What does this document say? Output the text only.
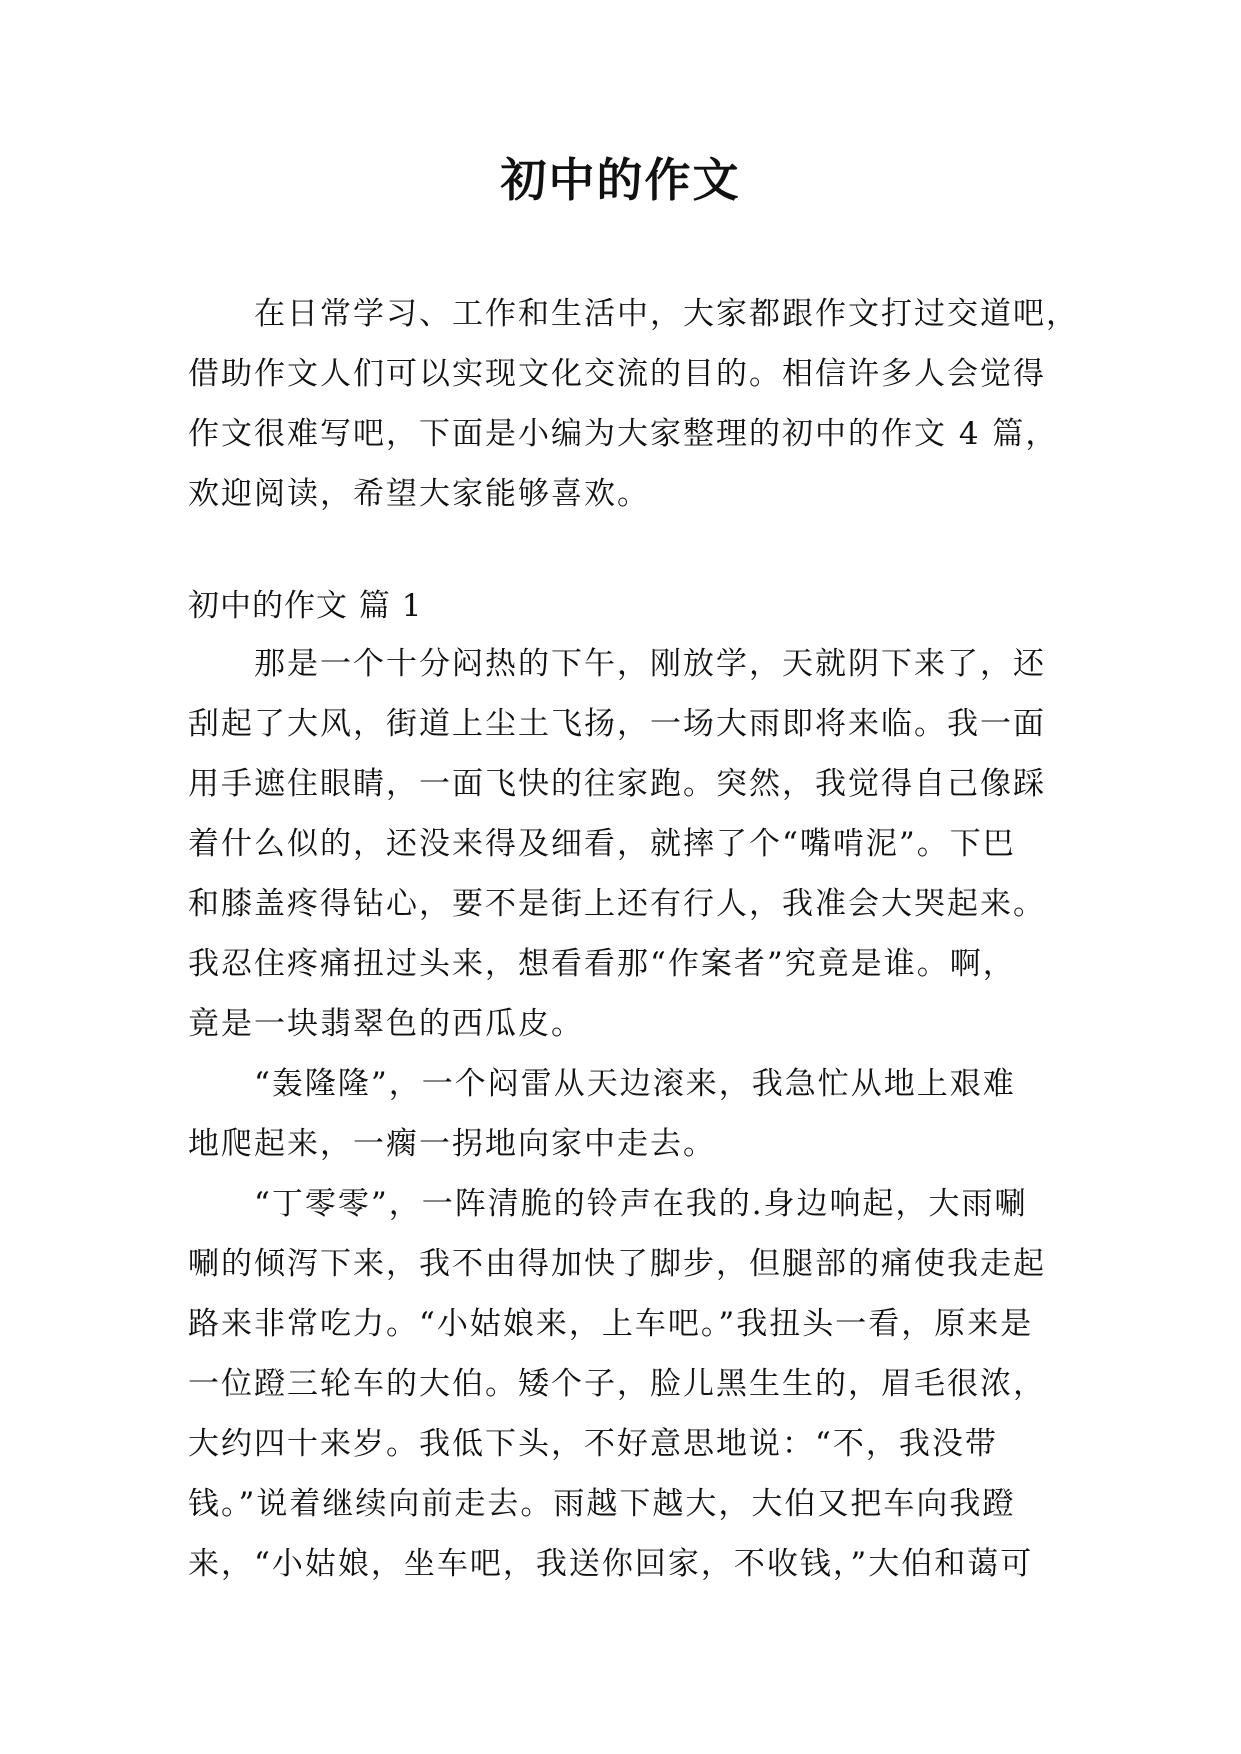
初中的作文

在日常学习、工作和生活中，大家都跟作文打过交道吧，

借助作文人们可以实现文化交流的目的。相信许多人会觉得

作文很难写吧，下面是小编为大家整理的初中的作文 4 篇，

欢迎阅读，希望大家能够喜欢。

初中的作文 篇 1

那是一个十分闷热的下午，刚放学，天就阴下来了，还

刮起了大风，街道上尘土飞扬，一场大雨即将来临。我一面

用手遮住眼睛，一面飞快的往家跑。突然，我觉得自己像踩

着什么似的，还没来得及细看，就摔了个“嘴啃泥”。下巴

和膝盖疼得钻心，要不是街上还有行人，我准会大哭起来。

我忍住疼痛扭过头来，想看看那“作案者”究竟是谁。啊，

竟是一块翡翠色的西瓜皮。

“轰隆隆”，一个闷雷从天边滚来，我急忙从地上艰难

地爬起来，一瘸一拐地向家中走去。

“丁零零”，一阵清脆的铃声在我的.身边响起，大雨唰

唰的倾泻下来，我不由得加快了脚步，但腿部的痛使我走起

路来非常吃力。“小姑娘来，上车吧。”我扭头一看，原来是

一位蹬三轮车的大伯。矮个子，脸儿黑生生的，眉毛很浓，

大约四十来岁。我低下头，不好意思地说：“不，我没带

钱。”说着继续向前走去。雨越下越大，大伯又把车向我蹬

来，“小姑娘，坐车吧，我送你回家，不收钱，”大伯和蔼可
